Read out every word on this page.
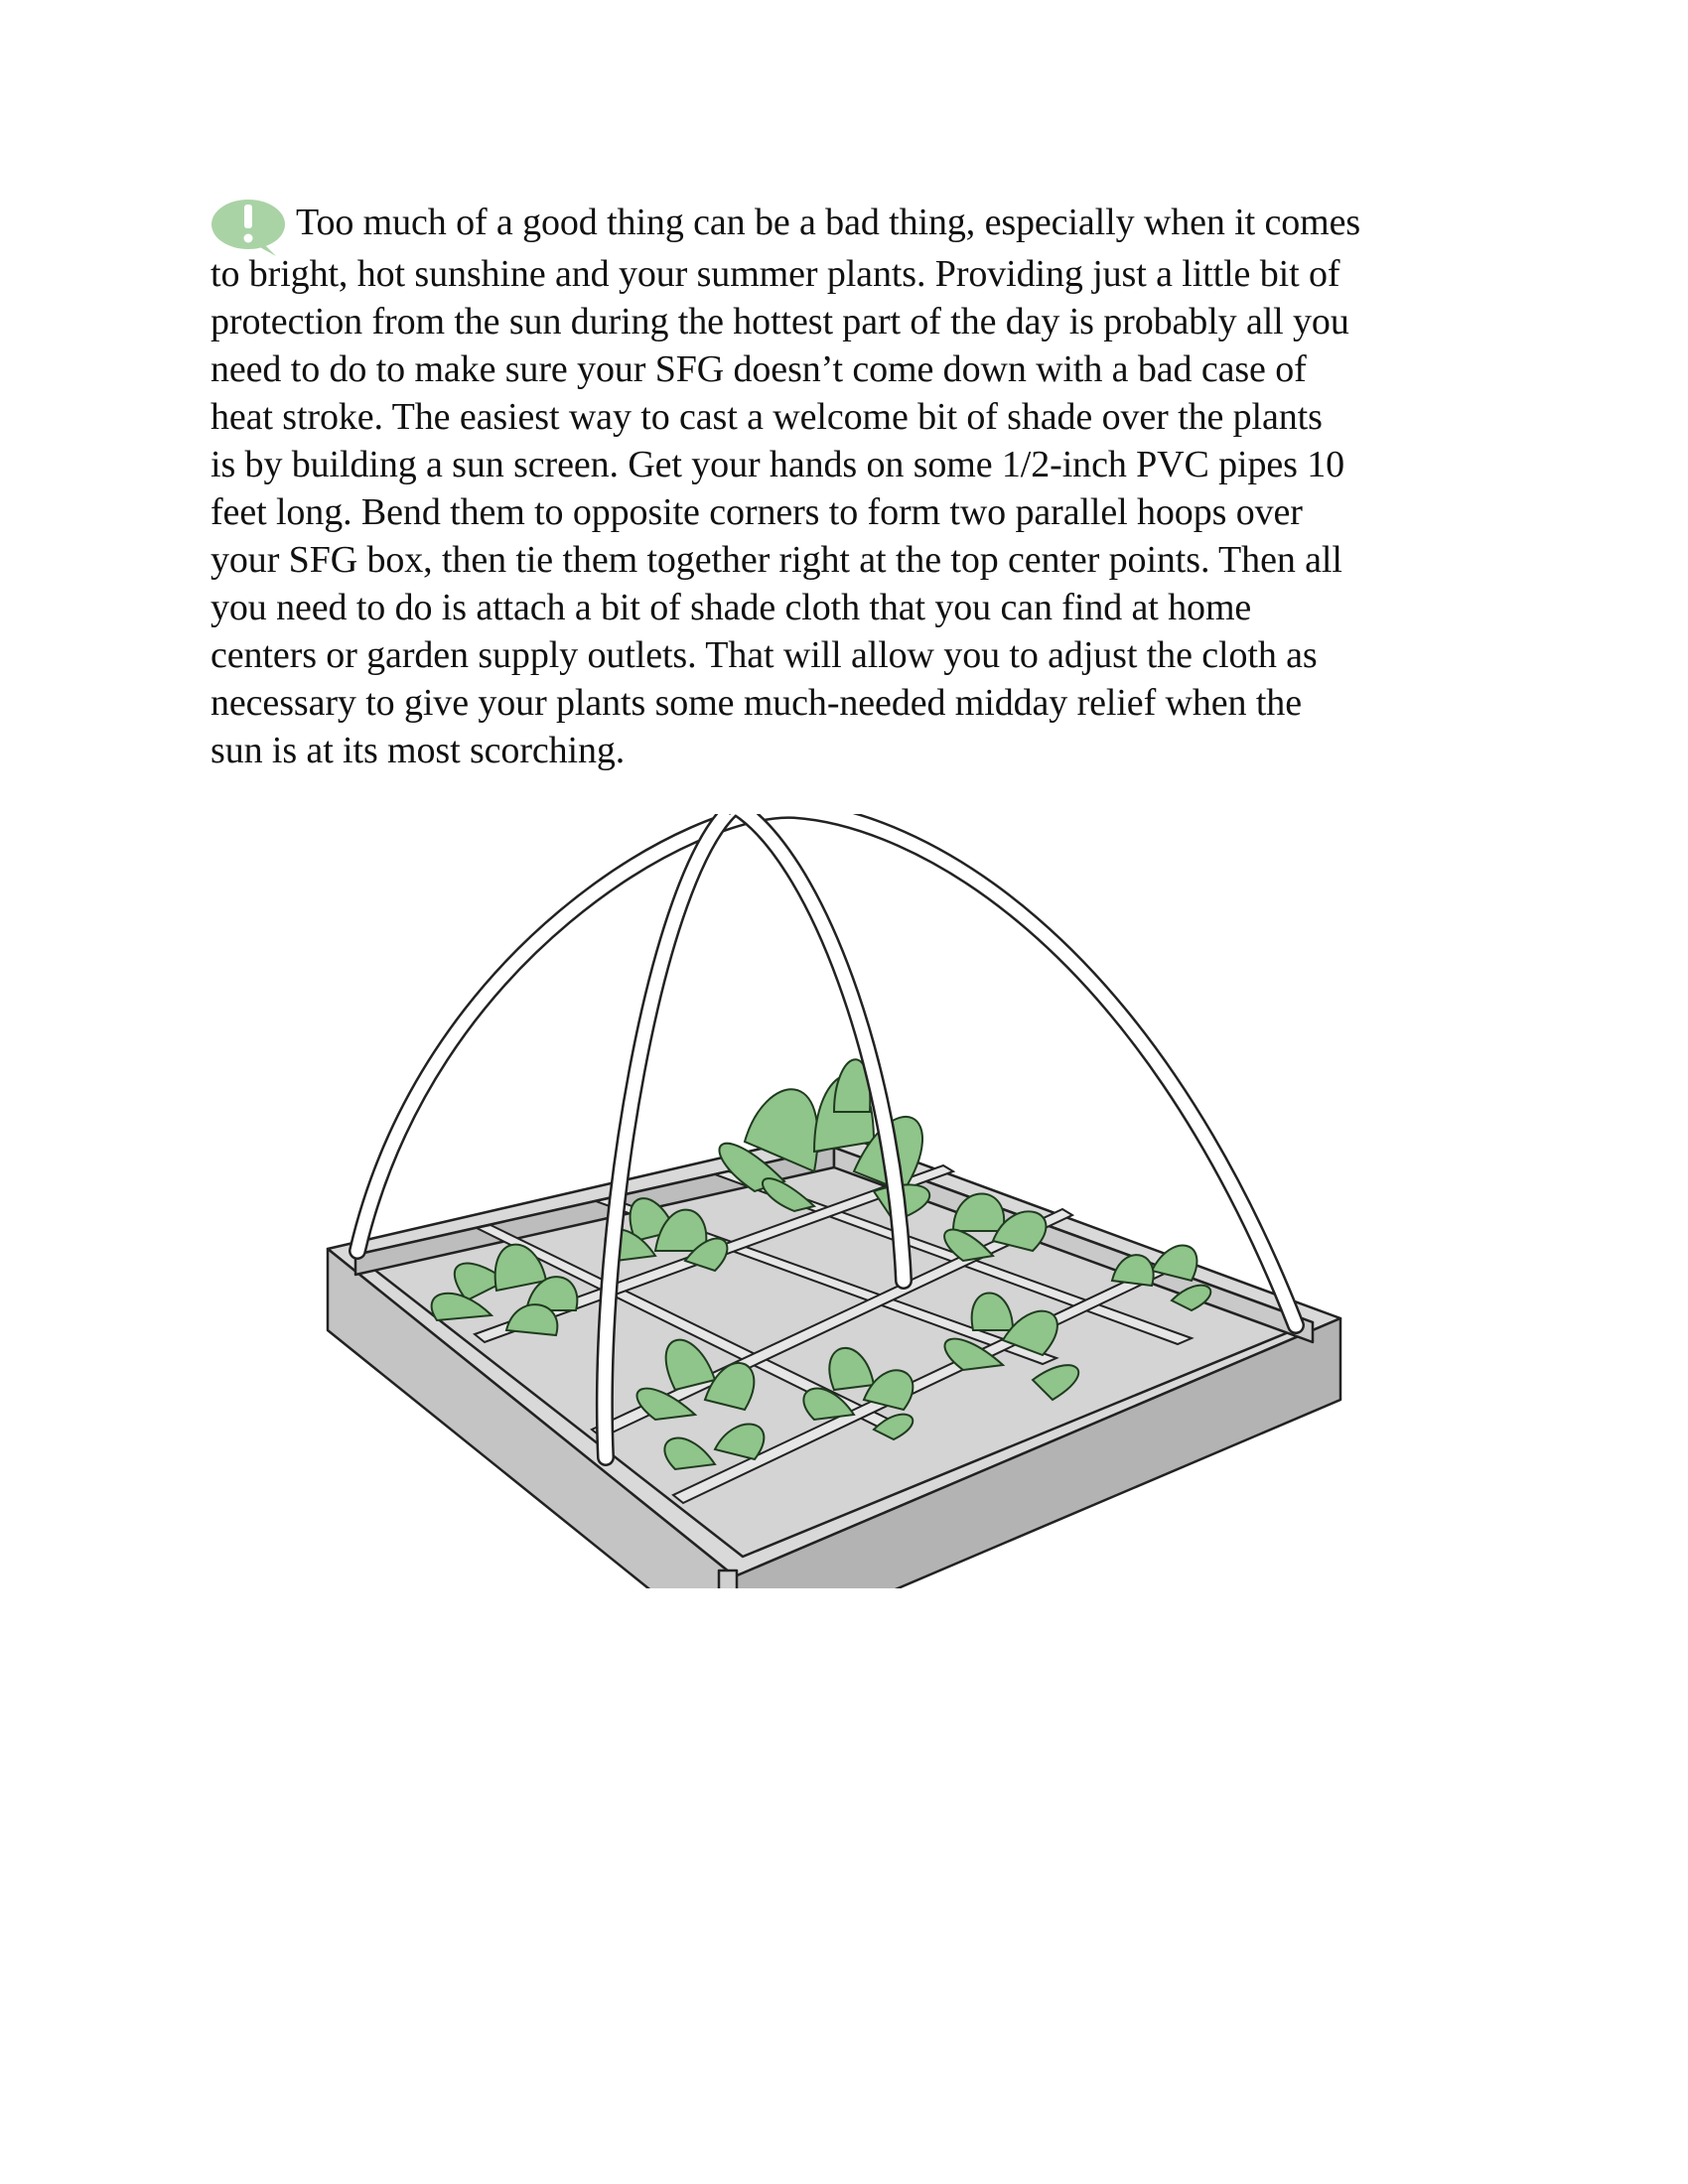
Too much of a good thing can be a bad thing, especially when it comes
to bright, hot sunshine and your summer plants. Providing just a little bit of
protection from the sun during the hottest part of the day is probably all you
need to do to make sure your SFG doesn’t come down with a bad case of
heat stroke. The easiest way to cast a welcome bit of shade over the plants
is by building a sun screen. Get your hands on some 1/2-inch PVC pipes 10
feet long. Bend them to opposite corners to form two parallel hoops over
your SFG box, then tie them together right at the top center points. Then all
you need to do is attach a bit of shade cloth that you can find at home
centers or garden supply outlets. That will allow you to adjust the cloth as
necessary to give your plants some much-needed midday relief when the
sun is at its most scorching.
